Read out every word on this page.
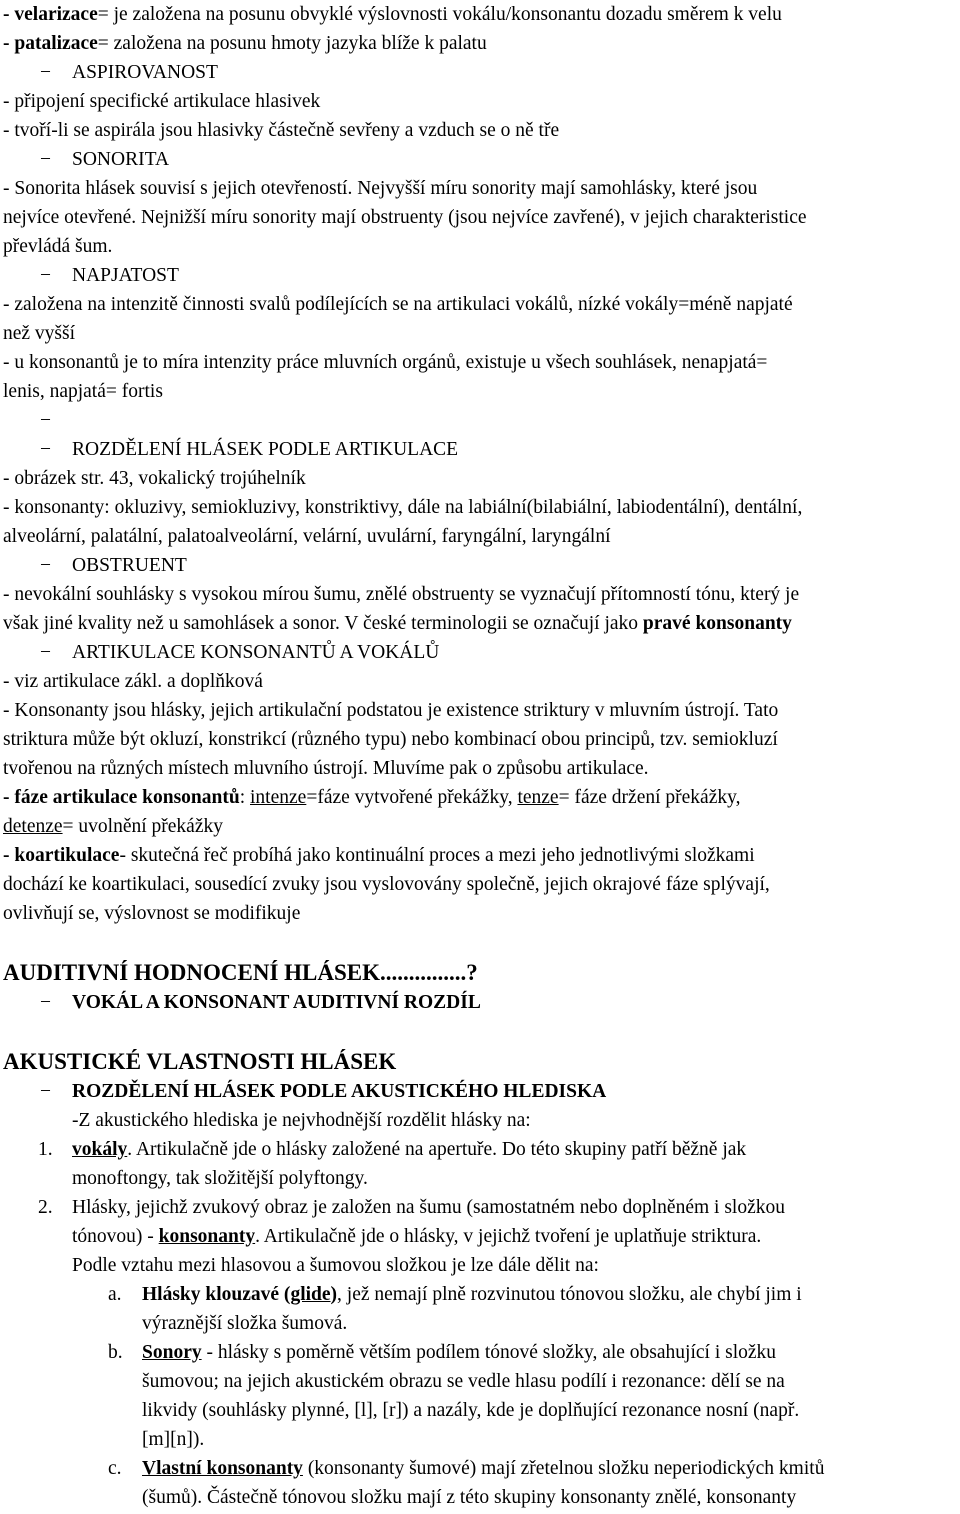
- velarizace= je založena na posunu obvyklé výslovnosti vokálu/konsonantu dozadu směrem k velu
- patalizace= založena na posunu hmoty jazyka blíže k palatu
− ASPIROVANOST
- připojení specifické artikulace hlasivek
- tvoří-li se aspirála jsou hlasivky částečně sevřeny a vzduch se o ně tře
− SONORITA
- Sonorita hlásek souvisí s jejich otevřeností. Nejvyšší míru sonority mají samohlásky, které jsou
nejvíce otevřené. Nejnižší míru sonority mají obstruenty (jsou nejvíce zavřené), v jejich charakteristice
převládá šum.
− NAPJATOST
- založena na intenzitě činnosti svalů podílejících se na artikulaci vokálů, nízké vokály=méně napjaté
než vyšší
- u konsonantů je to míra intenzity práce mluvních orgánů, existuje u všech souhlásek, nenapjatá=
lenis, napjatá= fortis
−
− ROZDĚLENÍ HLÁSEK PODLE ARTIKULACE
- obrázek str. 43, vokalický trojúhelník
- konsonanty: okluzivy, semiokluzivy, konstriktivy, dále na labiální(bilabiální, labiodentální), dentální,
alveolární, palatální, palatoalveolární, velární, uvulární, faryngální, laryngální
− OBSTRUENT
- nevokální souhlásky s vysokou mírou šumu, znělé obstruenty se vyznačují přítomností tónu, který je
však jiné kvality než u samohlásek a sonor. V české terminologii se označují jako pravé konsonanty
− ARTIKULACE KONSONANTŮ A VOKÁLŮ
- viz artikulace zákl. a doplňková
- Konsonanty jsou hlásky, jejich artikulační podstatou je existence striktury v mluvním ústrojí. Tato
striktura může být okluzí, konstrikcí (různého typu) nebo kombinací obou principů, tzv. semiokluzí
tvořenou na různých místech mluvního ústrojí. Mluvíme pak o způsobu artikulace.
- fáze artikulace konsonantů: intenze=fáze vytvořené překážky, tenze= fáze držení překážky,
detenze= uvolnění překážky
- koartikulace- skutečná řeč probíhá jako kontinuální proces a mezi jeho jednotlivými složkami
dochází ke koartikulaci, sousedící zvuky jsou vyslovovány společně, jejich okrajové fáze splývají,
ovlivňují se, výslovnost se modifikuje
AUDITIVNÍ HODNOCENÍ HLÁSEK...............?
− VOKÁL A KONSONANT AUDITIVNÍ ROZDÍL
AKUSTICKÉ VLASTNOSTI HLÁSEK
− ROZDĚLENÍ HLÁSEK PODLE AKUSTICKÉHO HLEDISKA
-Z akustického hlediska je nejvhodnější rozdělit hlásky na:
1. vokály. Artikulačně jde o hlásky založené na apertuře. Do této skupiny patří běžně jak
monoftongy, tak složitější polyftongy.
2. Hlásky, jejichž zvukový obraz je založen na šumu (samostatném nebo doplněném i složkou
tónovou) - konsonanty. Artikulačně jde o hlásky, v jejichž tvoření je uplatňuje striktura.
Podle vztahu mezi hlasovou a šumovou složkou je lze dále dělit na:
a. Hlásky klouzavé (glide), jež nemají plně rozvinutou tónovou složku, ale chybí jim i
výraznější složka šumová.
b. Sonory - hlásky s poměrně větším podílem tónové složky, ale obsahující i složku
šumovou; na jejich akustickém obrazu se vedle hlasu podílí i rezonance: dělí se na
likvidy (souhlásky plynné, [l], [r]) a nazály, kde je doplňující rezonance nosní (např.
[m][n]).
c. Vlastní konsonanty (konsonanty šumové) mají zřetelnou složku neperiodických kmitů
(šumů). Částečně tónovou složku mají z této skupiny konsonanty znělé, konsonanty
